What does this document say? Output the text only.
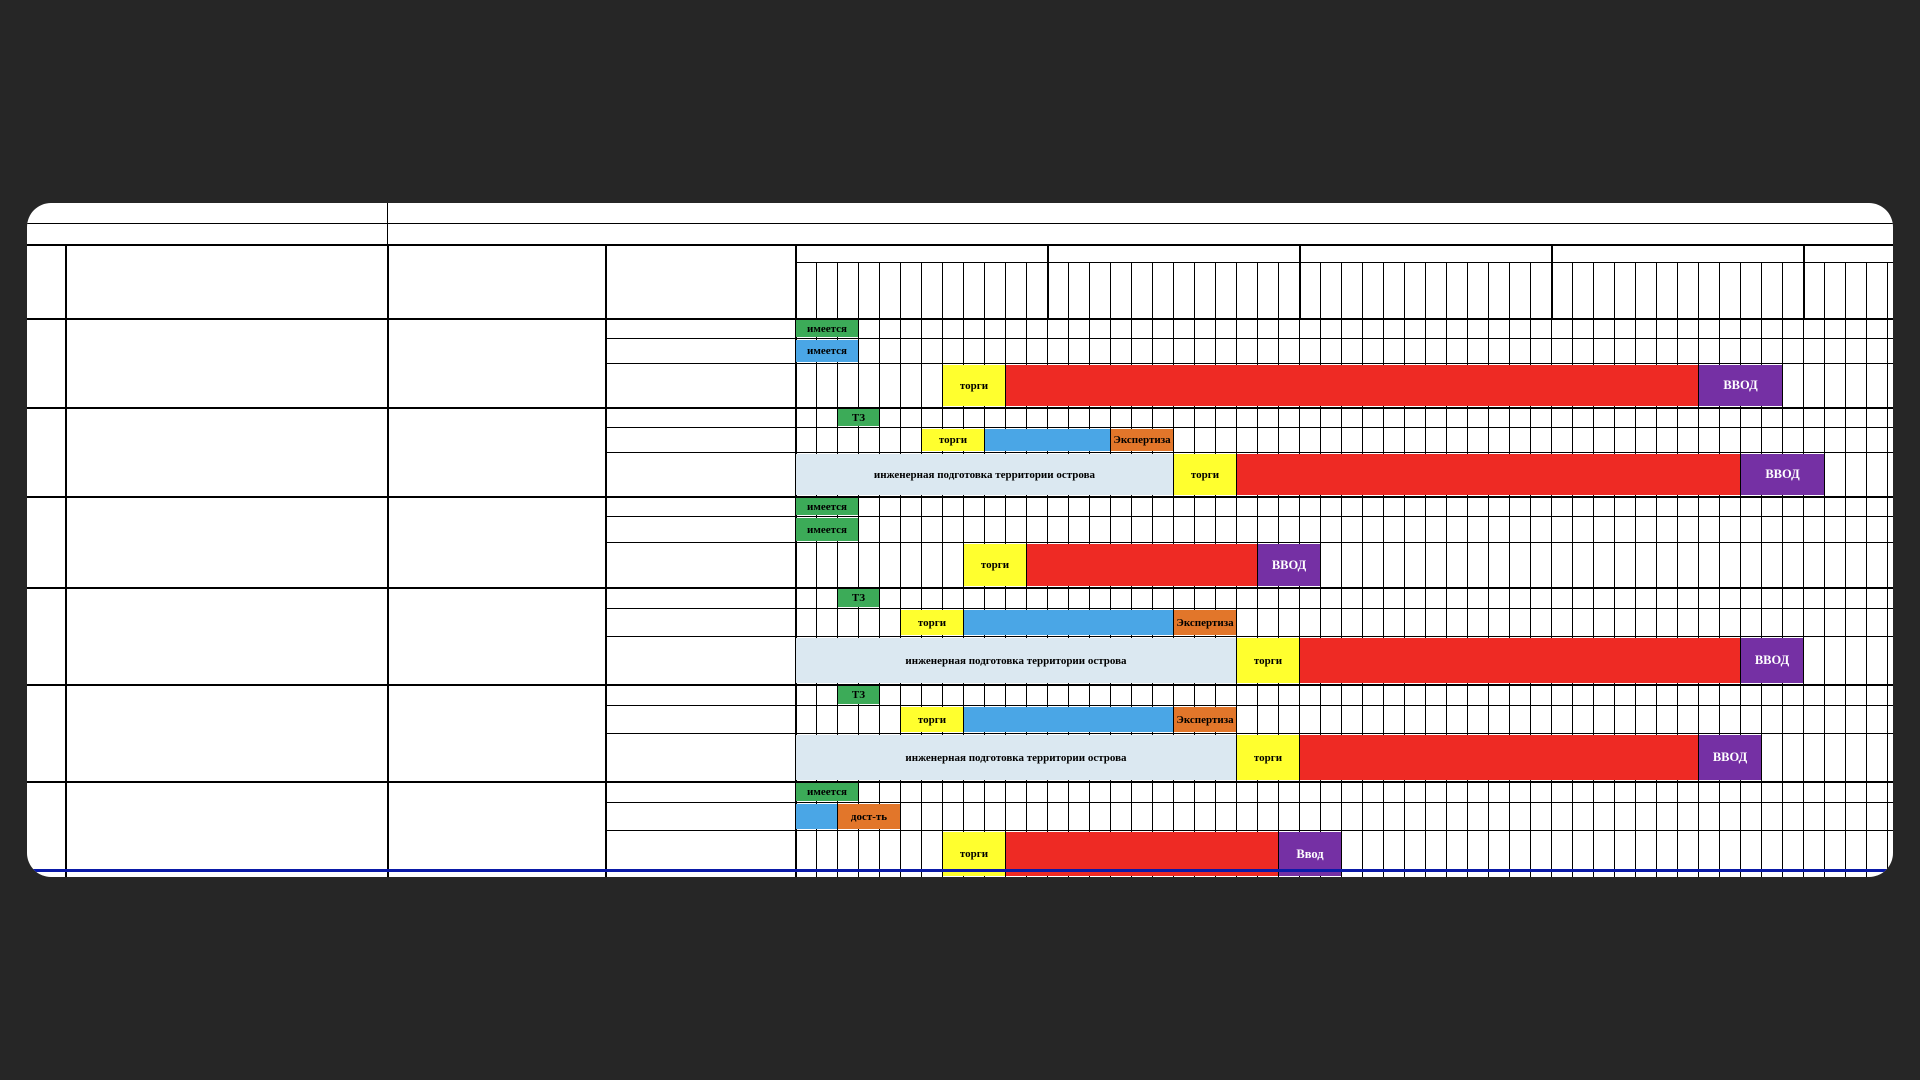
имеется
имеется
торги	ВВОД
ТЗ
торги	Экспертиза
инженерная подготовка территории острова	торги	ВВОД
имеется
имеется
торги	ВВОД
ТЗ
торги	Экспертиза
инженерная подготовка территории острова	торги	ВВОД
ТЗ
торги	Экспертиза
инженерная подготовка территории острова	торги	ВВОД
имеется
дост-ть
торги	Ввод
